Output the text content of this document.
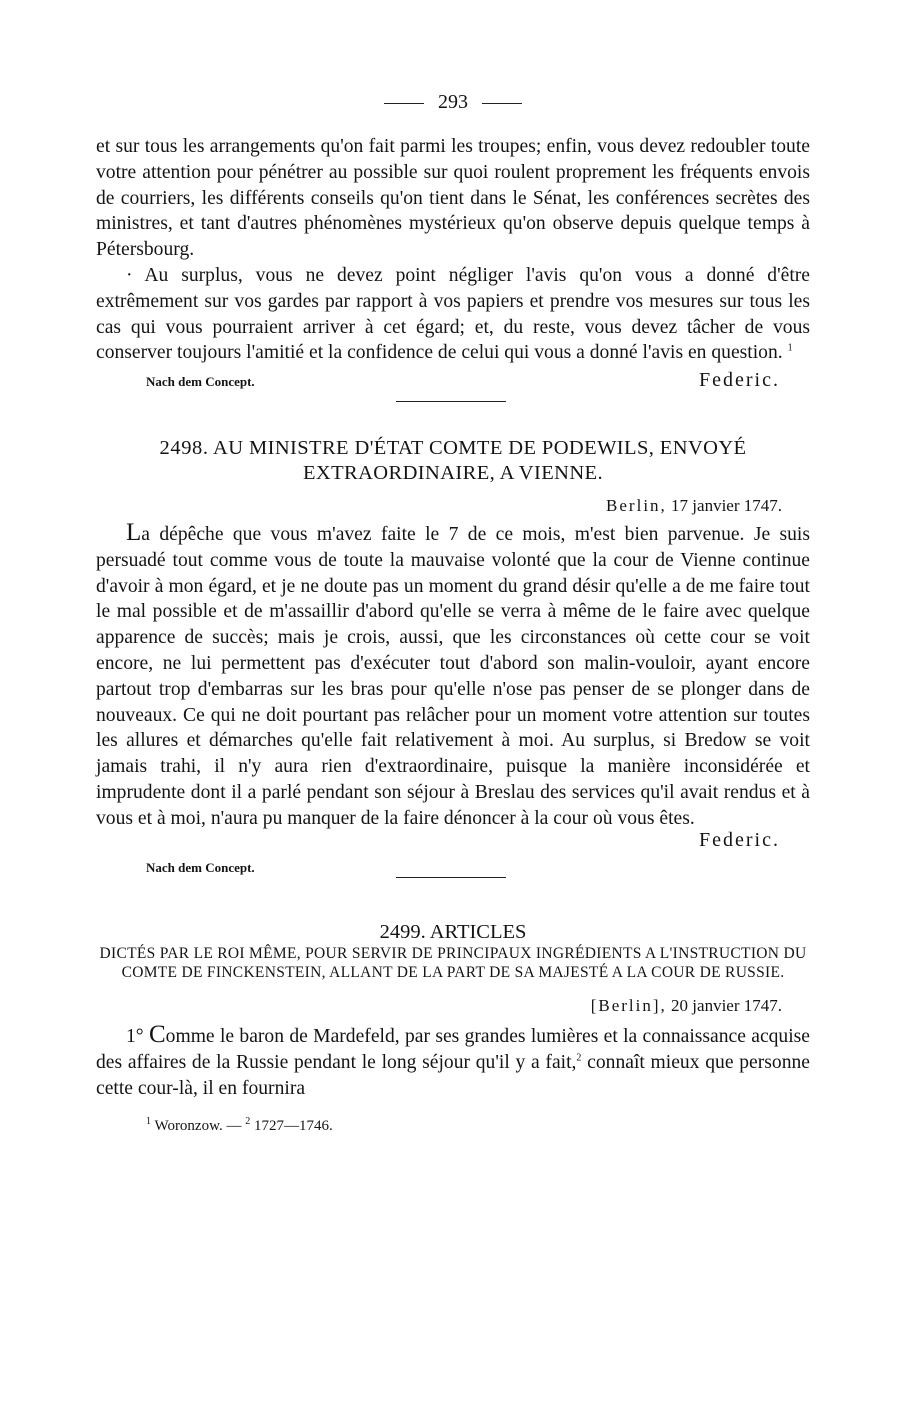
293

et sur tous les arrangements qu'on fait parmi les troupes; enfin, vous devez redoubler toute votre attention pour pénétrer au possible sur quoi roulent proprement les fréquents envois de courriers, les différents conseils qu'on tient dans le Sénat, les conférences secrètes des ministres, et tant d'autres phénomènes mystérieux qu'on observe depuis quelque temps à Pétersbourg.

· Au surplus, vous ne devez point négliger l'avis qu'on vous a donné d'être extrêmement sur vos gardes par rapport à vos papiers et prendre vos mesures sur tous les cas qui vous pourraient arriver à cet égard; et, du reste, vous devez tâcher de vous conserver toujours l'amitié et la confidence de celui qui vous a donné l'avis en question. $^1$

Nach dem Concept.	Federic.
2498. AU MINISTRE D'ÉTAT COMTE DE PODEWILS, ENVOYÉ EXTRAORDINAIRE, A VIENNE.
Berlin, 17 janvier 1747.

La dépêche que vous m'avez faite le 7 de ce mois, m'est bien parvenue. Je suis persuadé tout comme vous de toute la mauvaise volonté que la cour de Vienne continue d'avoir à mon égard, et je ne doute pas un moment du grand désir qu'elle a de me faire tout le mal possible et de m'assaillir d'abord qu'elle se verra à même de le faire avec quelque apparence de succès; mais je crois, aussi, que les circonstances où cette cour se voit encore, ne lui permettent pas d'exécuter tout d'abord son malin-vouloir, ayant encore partout trop d'embarras sur les bras pour qu'elle n'ose pas penser de se plonger dans de nouveaux. Ce qui ne doit pourtant pas relâcher pour un moment votre attention sur toutes les allures et démarches qu'elle fait relativement à moi. Au surplus, si Bredow se voit jamais trahi, il n'y aura rien d'extraordinaire, puisque la manière inconsidérée et imprudente dont il a parlé pendant son séjour à Breslau des services qu'il avait rendus et à vous et à moi, n'aura pu manquer de la faire dénoncer à la cour où vous êtes.

Federic.
Nach dem Concept.
2499. ARTICLES
DICTÉS PAR LE ROI MÊME, POUR SERVIR DE PRINCIPAUX INGRÉDIENTS A L'INSTRUCTION DU COMTE DE FINCKENSTEIN, ALLANT DE LA PART DE SA MAJESTÉ A LA COUR DE RUSSIE.
[Berlin], 20 janvier 1747.

1° Comme le baron de Mardefeld, par ses grandes lumières et la connaissance acquise des affaires de la Russie pendant le long séjour qu'il y a fait,$^2$ connaît mieux que personne cette cour-là, il en fournira

$^1$ Woronzow. — $^2$ 1727—1746.
